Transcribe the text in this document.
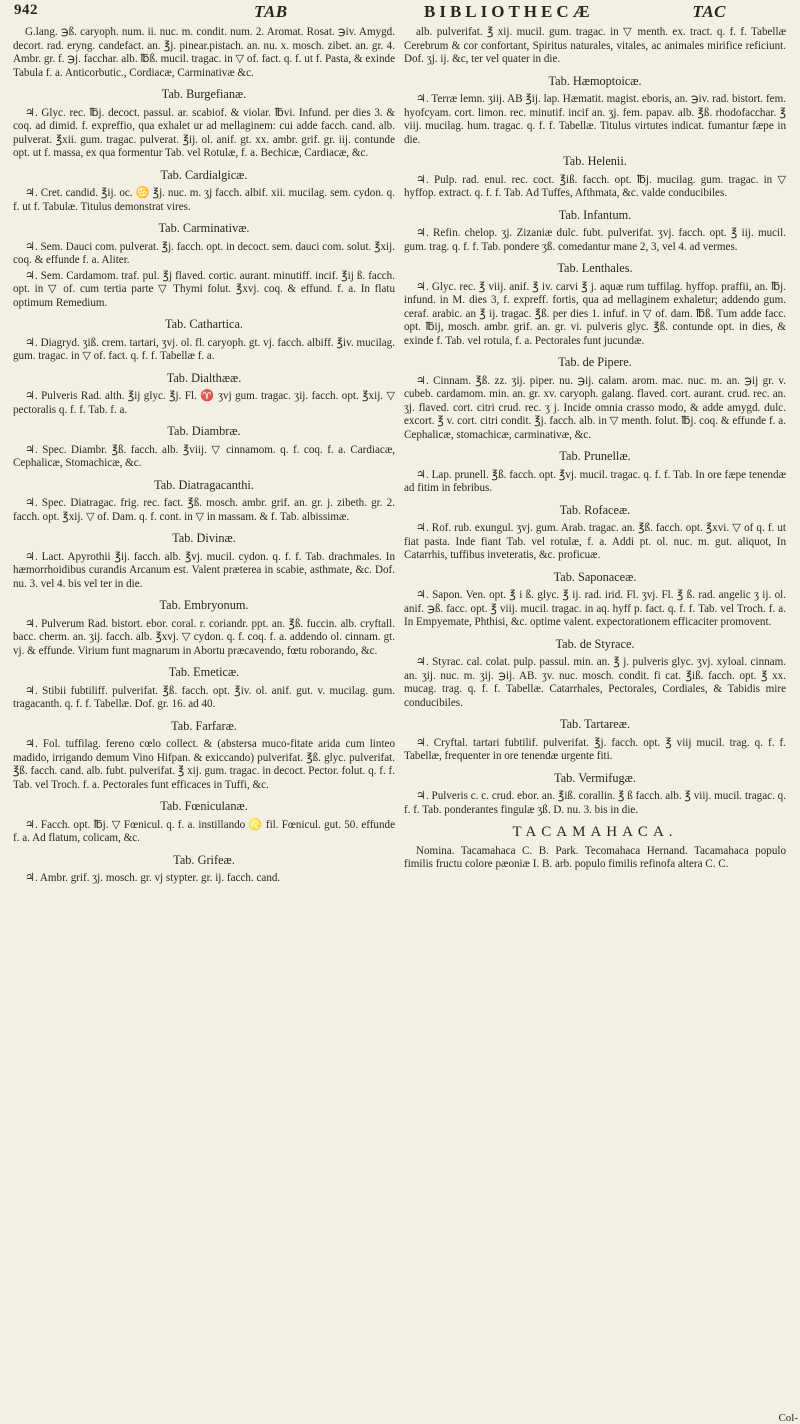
942	TAB	BIBLIOTHECÆ	TAC

G.lang. ℈ß. caryoph. num. ii. nuc. m. condit. num. 2. Aromat. Rosat. ℈iv. Amygd. decort. rad. eryng. candefact. an. ℥j. pinear.pistach. an. nu. x. mosch. zibet. an. gr. 4. Ambr. gr. f. ℈j. facchar. alb. ℔ß. mucil. tragac. in ▽ of. fact. q. f. ut f. Pasta, & exinde Tabula f. a. Anticorbutic., Cordiacæ, Carminativæ &c.

Tab. Burgefianæ.

♃. Glyc. rec. ℔j. decoct. passul. ar. scabiof. & violar. ℔vi. Infund. per dies 3. & coq. ad dimid. f. expreffio, qua exhalet ur ad mellaginem: cui adde facch. cand. alb. pulverat. ℥xii. gum. tragac. pulverat. ℥ij. ol. anif. gt. xx. ambr. grif. gr. iij. contunde opt. ut f. massa, ex qua formentur Tab. vel Rotulæ, f. a. Bechicæ, Cardiacæ, &c.

Tab. Cardialgicæ.

♃. Cret. candid. ℥ij. oc. ♋ ℥j. nuc. m. ʒj facch. albif. xii. mucilag. sem. cydon. q. f. ut f. Tabulæ. Titulus demonstrat vires.

Tab. Carminativæ.

♃. Sem. Dauci com. pulverat. ℥j. facch. opt. in decoct. sem. dauci com. solut. ℥xij. coq. & effunde f. a. Aliter.

♃. Sem. Cardamom. traf. pul. ℥j flaved. cortic. aurant. minutiff. incif. ℥ij ß. facch. opt. in ▽ of. cum tertia parte ▽ Thymi folut. ℥xvj. coq. & effund. f. a. In flatu optimum Remedium.

Tab. Cathartica.

♃. Diagryd. ʒiß. crem. tartari, ʒvj. ol. fl. caryoph. gt. vj. facch. albiff. ℥iv. mucilag. gum. tragac. in ▽ of. fact. q. f. f. Tabellæ f. a.

Tab. Dialthææ.

♃. Pulveris Rad. alth. ℥ij glyc. ℥j. Fl. ♈ ʒvj gum. tragac. ʒij. facch. opt. ℥xij. ▽ pectoralis q. f. f. Tab. f. a.

Tab. Diambræ.

♃. Spec. Diambr. ℥ß. facch. alb. ℥viij. ▽ cinnamom. q. f. coq. f. a. Cardiacæ, Cephalicæ, Stomachicæ, &c.

Tab. Diatragacanthi.

♃. Spec. Diatragac. frig. rec. fact. ℥ß. mosch. ambr. grif. an. gr. j. zibeth. gr. 2. facch. opt. ℥xij. ▽ of. Dam. q. f. cont. in ▽ in massam. & f. Tab. albissimæ.

Tab. Divinæ.

♃. Lact. Apyrothii ℥ij. facch. alb. ℥vj. mucil. cydon. q. f. f. Tab. drachmales. In hæmorrhoidibus curandis Arcanum est. Valent præterea in scabie, asthmate, &c. Dof. nu. 3. vel 4. bis vel ter in die.

Tab. Embryonum.

♃. Pulverum Rad. bistort. ebor. coral. r. coriandr. ppt. an. ℥ß. fuccin. alb. cryftall. bacc. cherm. an. ʒij. facch. alb. ℥xvj. ▽ cydon. q. f. coq. f. a. addendo ol. cinnam. gt. vj. & effunde. Virium funt magnarum in Abortu præcavendo, fœtu roborando, &c.

Tab. Emeticæ.

♃. Stibii fubtiliff. pulverifat. ℥ß. facch. opt. ℥iv. ol. anif. gut. v. mucilag. gum. tragacanth. q. f. f. Tabellæ. Dof. gr. 16. ad 40.

Tab. Farfaræ.

♃. Fol. tuffilag. fereno cœlo collect. & (abstersa muco-fitate arida cum linteo madido, irrigando demum Vino Hifpan. & exiccando) pulverifat. ℥ß. glyc. pulverifat. ℥ß. facch. cand. alb. fubt. pulverifat. ℥ xij. gum. tragac. in decoct. Pector. folut. q. f. f. Tab. vel Troch. f. a. Pectorales funt efficaces in Tuffi, &c.

Tab. Fœniculanæ.

♃. Facch. opt. ℔j. ▽ Fœnicul. q. f. a. instillando ♌ fil. Fœnicul. gut. 50. effunde f. a. Ad flatum, colicam, &c.

Tab. Grifeæ.

♃. Ambr. grif. ʒj. mosch. gr. vj stypter. gr. ij. facch. cand.

alb. pulverifat. ℥ xij. mucil. gum. tragac. in ▽ menth. ex. tract. q. f. f. Tabellæ Cerebrum & cor confortant, Spiritus naturales, vitales, ac animales mirifice reficiunt. Dof. ʒj. ij. &c, ter vel quater in die.

Tab. Hæmoptoicæ.

♃. Terræ lemn. ʒiij. AB ℥ij. lap. Hæmatit. magist. eboris, an. ℈iv. rad. bistort. fem. hyofcyam. cort. limon. rec. minutif. incif an. ʒj. fem. papav. alb. ℥ß. rhodofacchar. ℥ viij. mucilag. hum. tragac. q. f. f. Tabellæ. Titulus virtutes indicat. fumantur fæpe in die.

Tab. Helenii.

♃. Pulp. rad. enul. rec. coct. ℥iß. facch. opt. ℔j. mucilag. gum. tragac. in ▽ hyffop. extract. q. f. f. Tab. Ad Tuffes, Afthmata, &c. valde conducibiles.

Tab. Infantum.

♃. Refin. chelop. ʒj. Zizaniæ dulc. fubt. pulverifat. ʒvj. facch. opt. ℥ iij. mucil. gum. trag. q. f. f. Tab. pondere ʒß. comedantur mane 2, 3, vel 4. ad vermes.

Tab. Lenthales.

♃. Glyc. rec. ℥ viij. anif. ℥ iv. carvi ℥ j. aquæ rum tuffilag. hyffop. praffii, an. ℔j. infund. in Μ. dies 3, f. expreff. fortis, qua ad mellaginem exhaletur; addendo gum. ceraf. arabic. an ℥ ij. tragac. ℥ß. per dies 1. infuf. in ▽ of. dam. ℔ß. Tum adde facc. opt. ℔ij, mosch. ambr. grif. an. gr. vi. pulveris glyc. ℥ß. contunde opt. in dies, & exinde f. Tab. vel rotula, f. a. Pectorales funt jucundæ.

Tab. de Pipere.

♃. Cinnam. ℥ß. zz. ʒij. piper. nu. ℈ij. calam. arom. mac. nuc. m. an. ℈ij gr. v. cubeb. cardamom. min. an. gr. xv. caryoph. galang. flaved. cort. aurant. crud. rec. an. ʒj. flaved. cort. citri crud. rec. ʒ j. Incide omnia crasso modo, & adde amygd. dulc. excort. ℥ v. cort. citri condit. ℥j. facch. alb. in ▽ menth. folut. ℔j. coq. & effunde f. a. Cephalicæ, stomachicæ, carminativæ, &c.

Tab. Prunellæ.

♃. Lap. prunell. ℥ß. facch. opt. ℥vj. mucil. tragac. q. f. f. Tab. In ore fæpe tenendæ ad fitim in febribus.

Tab. Rofaceæ.

♃. Rof. rub. exungul. ʒvj. gum. Arab. tragac. an. ℥ß. facch. opt. ℥xvi. ▽ of q. f. ut fiat pasta. Inde fiant Tab. vel rotulæ, f. a. Addi pt. ol. nuc. m. gut. aliquot, In Catarrhis, tuffibus inveteratis, &c. proficuæ.

Tab. Saponaceæ.

♃. Sapon. Ven. opt. ℥ i ß. glyc. ℥ ij. rad. irid. Fl. ʒvj. Fl. ℥ ß. rad. angelic ʒ ij. ol. anif. ℈ß. facc. opt. ℥ viij. mucil. tragac. in aq. hyff p. fact. q. f. f. Tab. vel Troch. f. a. In Empyemate, Phthisi, &c. optime valent. expectorationem efficaciter promovent.

Tab. de Styrace.

♃. Styrac. cal. colat. pulp. passul. min. an. ℥ j. pulveris glyc. ʒvj. xyloal. cinnam. an. ʒij. nuc. m. ʒij. ℈ij. AB. ʒv. nuc. mosch. condit. fi cat. ℥iß. facch. opt. ℥ xx. mucag. trag. q. f. f. Tabellæ. Catarrhales, Pectorales, Cordiales, & Tabidis mire conducibiles.

Tab. Tartareæ.

♃. Cryftal. tartari fubtilif. pulverifat. ℥j. facch. opt. ℥ viij mucil. trag. q. f. f. Tabellæ, frequenter in ore tenendæ urgente fiti.

Tab. Vermifugæ.

♃. Pulveris c. c. crud. ebor. an. ℥iß. corallin. ℥ ß facch. alb. ℥ viij. mucil. tragac. q. f. f. Tab. ponderantes fingulæ ʒß. D. nu. 3. bis in die.

TACAMAHACA.

Nomina. Tacamahaca C. B. Park. Tecomahaca Hernand. Tacamahaca populo fimilis fructu colore pæoniæ I. B. arb. populo fimilis refinofa altera C. C.

Col-
